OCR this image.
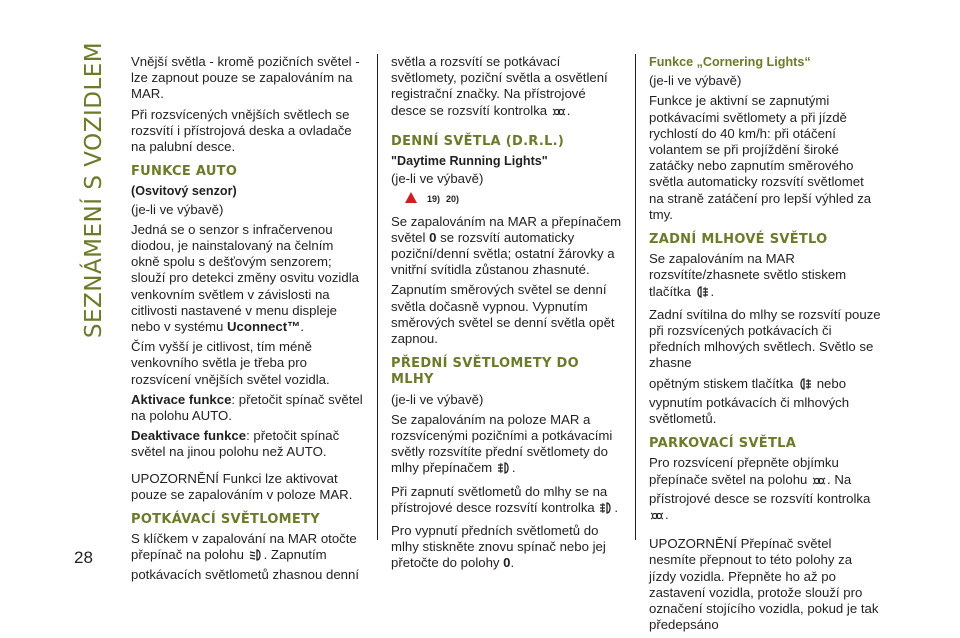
SEZNÁMENÍ S VOZIDLEM
28

Vnější světla - kromě pozičních světel - lze zapnout pouze se zapalováním na MAR.

Při rozsvícených vnějších světlech se rozsvítí i přístrojová deska a ovladače na palubní desce.

FUNKCE AUTO
(Osvitový senzor)

(je-li ve výbavě)

Jedná se o senzor s infračervenou diodou, je nainstalovaný na čelním okně spolu s dešťovým senzorem; slouží pro detekci změny osvitu vozidla venkovním světlem v závislosti na citlivosti nastavené v menu displeje nebo v systému Uconnect™.

Čím vyšší je citlivost, tím méně venkovního světla je třeba pro rozsvícení vnějších světel vozidla.

Aktivace funkce: přetočit spínač světel na polohu AUTO.

Deaktivace funkce: přetočit spínač světel na jinou polohu než AUTO.

UPOZORNĚNÍ Funkci lze aktivovat pouze se zapalováním v poloze MAR.

POTKÁVACÍ SVĚTLOMETY

S klíčkem v zapalování na MAR otočte přepínač na polohu . Zapnutím potkávacích světlometů zhasnou denní

světla a rozsvítí se potkávací světlomety, poziční světla a osvětlení registrační značky. Na přístrojové desce se rozsvítí kontrolka .

DENNÍ SVĚTLA (D.R.L.)
"Daytime Running Lights"

(je-li ve výbavě)

19) 20)

Se zapalováním na MAR a přepínačem světel 0 se rozsvítí automaticky poziční/denní světla; ostatní žárovky a vnitřní svítidla zůstanou zhasnuté.

Zapnutím směrových světel se denní světla dočasně vypnou. Vypnutím směrových světel se denní světla opět zapnou.

PŘEDNÍ SVĚTLOMETY DO MLHY

(je-li ve výbavě)

Se zapalováním na poloze MAR a rozsvícenými pozičními a potkávacími světly rozsvítíte přední světlomety do mlhy přepínačem .

Při zapnutí světlometů do mlhy se na přístrojové desce rozsvítí kontrolka .

Pro vypnutí předních světlometů do mlhy stiskněte znovu spínač nebo jej přetočte do polohy 0.

Funkce „Cornering Lights“

(je-li ve výbavě)

Funkce je aktivní se zapnutými potkávacími světlomety a při jízdě rychlostí do 40 km/h: při otáčení volantem se při projíždění široké zatáčky nebo zapnutím směrového světla automaticky rozsvítí světlomet na straně zatáčení pro lepší výhled za tmy.

ZADNÍ MLHOVÉ SVĚTLO

Se zapalováním na MAR rozsvítíte/zhasnete světlo stiskem tlačítka .

Zadní svítilna do mlhy se rozsvítí pouze při rozsvícených potkávacích či předních mlhových světlech. Světlo se zhasne

opětným stiskem tlačítka  nebo vypnutím potkávacích či mlhových světlometů.

PARKOVACÍ SVĚTLA

Pro rozsvícení přepněte objímku přepínače světel na polohu . Na přístrojové desce se rozsvítí kontrolka .

UPOZORNĚNÍ Přepínač světel nesmíte přepnout to této polohy za jízdy vozidla. Přepněte ho až po zastavení vozidla, protože slouží pro označení stojícího vozidla, pokud je tak předepsáno
